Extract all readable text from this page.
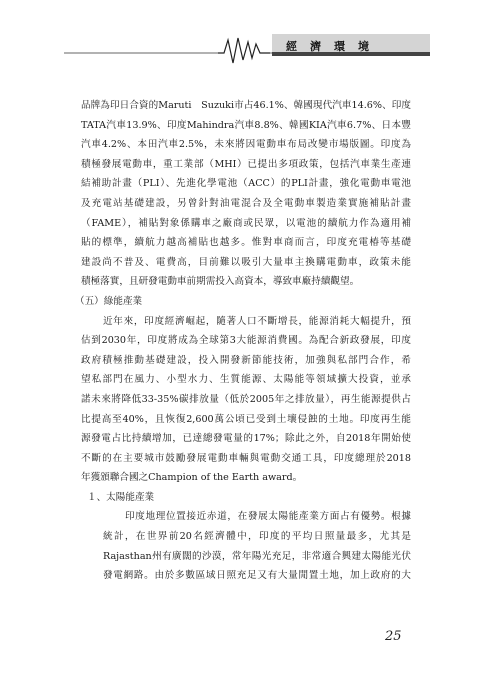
經濟環境
品牌為印日合資的Maruti　Suzuki市占46.1%、韓國現代汽車14.6%、印度
TATA汽車13.9%、印度Mahindra汽車8.8%、韓國KIA汽車6.7%、日本豐
汽車4.2%、本田汽車2.5%，未來將因電動車布局改變市場版圖。印度為
積極發展電動車，重工業部（MHI）已提出多項政策，包括汽車業生產連
結補助計畫（PLI）、先進化學電池（ACC）的PLI計畫，強化電動車電池
及充電站基礎建設，另曾針對油電混合及全電動車製造業實施補貼計畫
（FAME），補貼對象係購車之廠商或民眾，以電池的續航力作為適用補
貼的標準，續航力越高補貼也越多。惟對車商而言，印度充電椿等基礎
建設尚不普及、電費高，目前難以吸引大量車主換購電動車，政策未能
積極落實，且研發電動車前期需投入高資本，導致車廠持續觀望。
（五）綠能產業
近年來，印度經濟崛起，隨著人口不斷增長，能源消耗大幅提升，預
估到2030年，印度將成為全球第3大能源消費國。為配合新政發展，印度
政府積極推動基礎建設，投入開發新節能技術，加強與私部門合作，希
望私部門在風力、小型水力、生質能源、太陽能等領域擴大投資，並承
諾未來將降低33-35%碳排放量（低於2005年之排放量），再生能源提供占
比提高至40%，且恢復2,600萬公頃已受到土壤侵蝕的土地。印度再生能
源發電占比持續增加，已達總發電量的17%；除此之外，自2018年開始使
不斷的在主要城市鼓勵發展電動車輛與電動交通工具，印度總理於2018
年獲頒聯合國之Champion of the Earth award。
１、太陽能產業
印度地理位置接近赤道，在發展太陽能產業方面占有優勢。根據
統計，在世界前20名經濟體中，印度的平均日照量最多，尤其是
Rajasthan州有廣闊的沙漠，常年陽光充足，非常適合興建太陽能光伏
發電網路。由於多數區域日照充足又有大量閒置土地，加上政府的大
25
